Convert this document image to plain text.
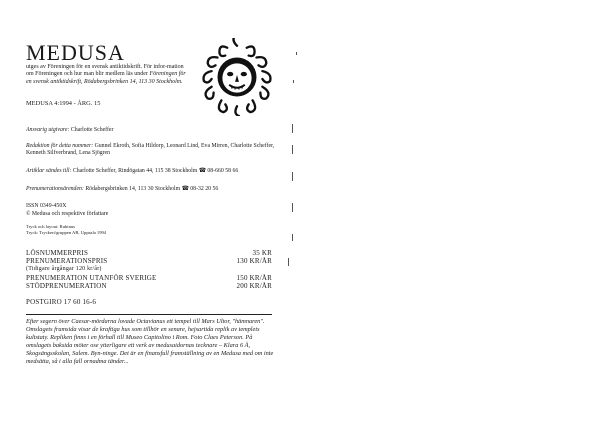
MEDUSA
utges av Föreningen för en svensk antiktidskrift. För infor-mation om Föreningen och hur man blir medlem läs under Föreningen för en svensk antiktidskrift, Rödabergsbrinken 14, 113 30 Stockholm.
MEDUSA 4:1994 - ÅRG. 15
Ansvarig utgivare: Charlotte Scheffer
Redaktion för detta nummer: Gunnel Ekroth, Sofia Hildorp, Leonard Lind, Eva Mirren, Charlotte Scheffer, Kenneth Silfverbrand, Lena Sjögren
Artiklar sändes till: Charlotte Scheffer, Rindögatan 44, 115 38 Stockholm ☎ 08-660 58 66
Prenumerationsärenden: Rödabergsbrinken 14, 113 30 Stockholm ☎ 08-32 20 56
ISSN 0349-450X
© Medusa och respektive författare
Tryck och layout: Rubinus
Tryck: Tryckeri/gruppen AB, Uppsala 1994
LÖSNUMMERPRIS	35 KR
PRENUMERATIONSPRIS	130 KR/ÅR
(Tidigare årgångar 120 kr/år)
PRENUMERATION UTANFÖR SVERIGE	150 KR/ÅR
STÖDPRENUMERATION	200 KR/ÅR
POSTGIRO 17 60 16-6
Efter segern över Caesar-mördarna lovade Octavianus ett tempel till Mars Ultor, "hämnaren". Omslagets framsida visar de kraftiga hus som tillhör en senare, hejsartida replik av templets kultstaty. Repliken finns i en förhall till Museo Capitolino i Rom. Foto Claes Peterson. På omslagets baksida möter ose ytterligare ett verk av medusaidornas tecknare – Klara 6 Å, Skogsängsskolan, Salem. Byn-ninge. Det är en finansfull framställning av en Medusa med om inte medsätta, så i alla fall ornadma tänder...
